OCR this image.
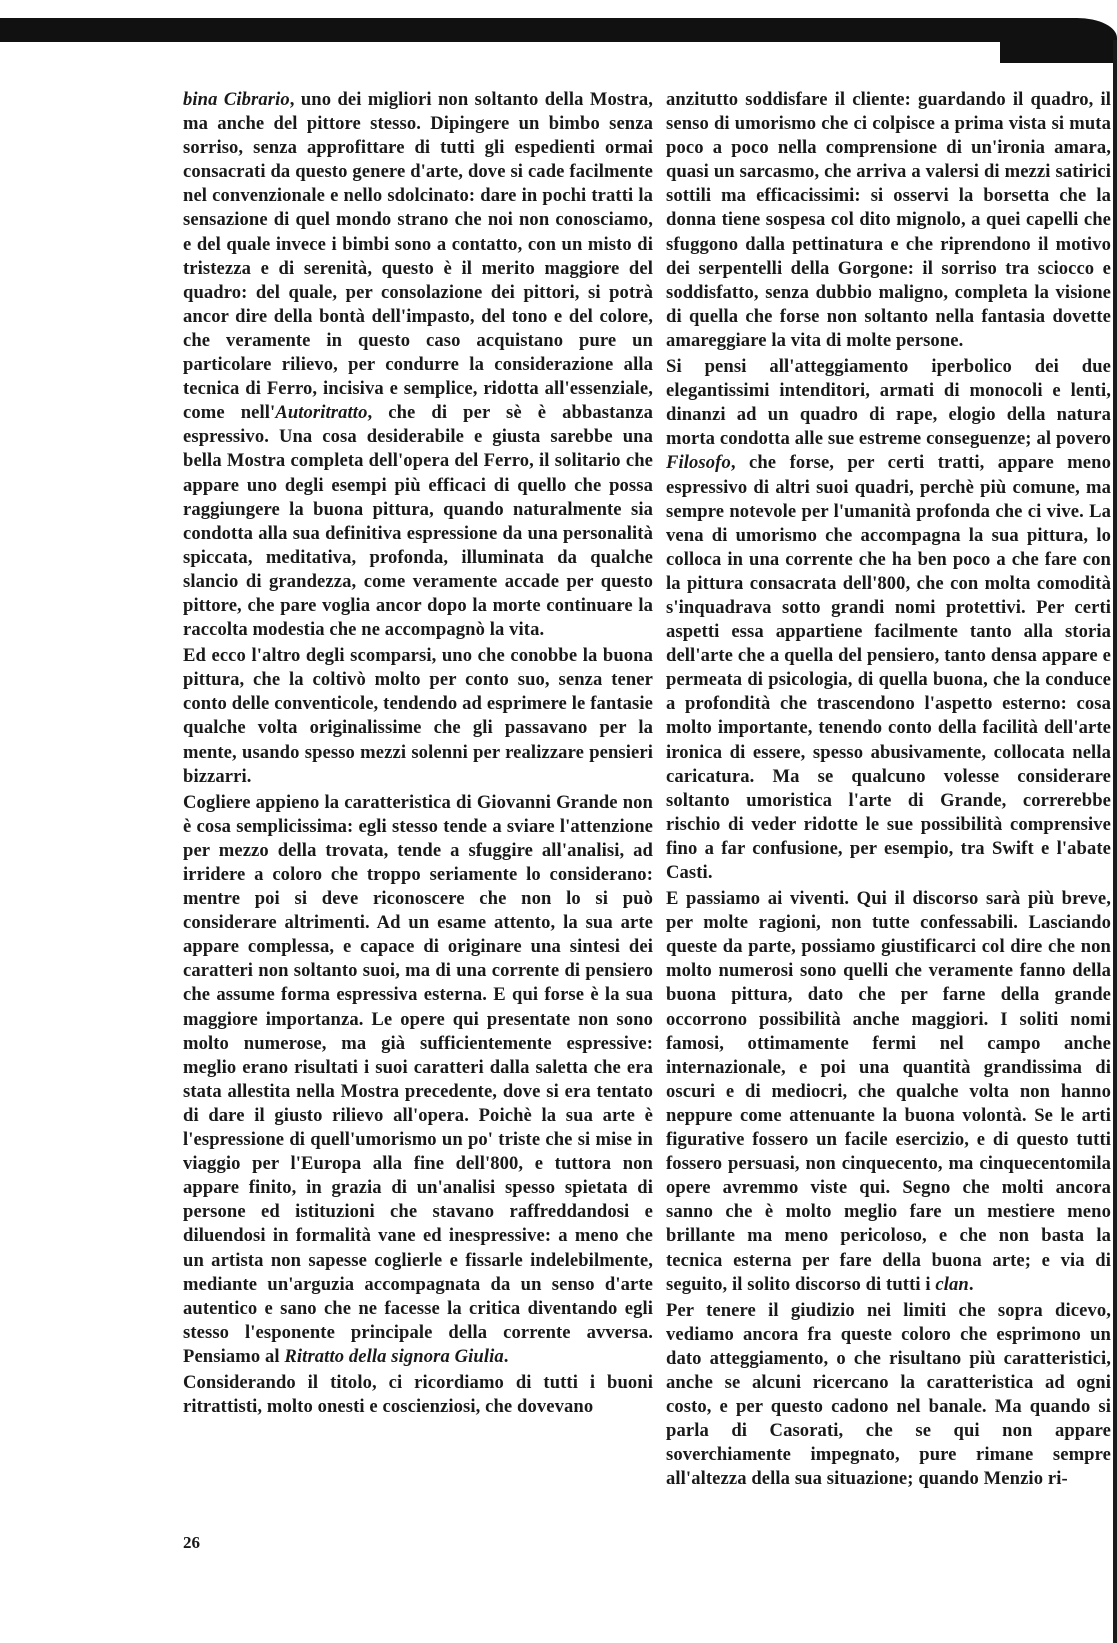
bina Cibrario, uno dei migliori non soltanto della Mostra, ma anche del pittore stesso. Dipingere un bimbo senza sorriso, senza approfittare di tutti gli espedienti ormai consacrati da questo genere d'arte, dove si cade facilmente nel convenzionale e nello sdolcinato: dare in pochi tratti la sensazione di quel mondo strano che noi non conosciamo, e del quale invece i bimbi sono a contatto, con un misto di tristezza e di serenità, questo è il merito maggiore del quadro: del quale, per consolazione dei pittori, si potrà ancor dire della bontà dell'impasto, del tono e del colore, che veramente in questo caso acquistano pure un particolare rilievo, per condurre la considerazione alla tecnica di Ferro, incisiva e semplice, ridotta all'essenziale, come nell'Autoritratto, che di per sè è abbastanza espressivo. Una cosa desiderabile e giusta sarebbe una bella Mostra completa dell'opera del Ferro, il solitario che appare uno degli esempi più efficaci di quello che possa raggiungere la buona pittura, quando naturalmente sia condotta alla sua definitiva espressione da una personalità spiccata, meditativa, profonda, illuminata da qualche slancio di grandezza, come veramente accade per questo pittore, che pare voglia ancor dopo la morte continuare la raccolta modestia che ne accompagnò la vita.

Ed ecco l'altro degli scomparsi, uno che conobbe la buona pittura, che la coltivò molto per conto suo, senza tener conto delle conventicole, tendendo ad esprimere le fantasie qualche volta originalissime che gli passavano per la mente, usando spesso mezzi solenni per realizzare pensieri bizzarri.

Cogliere appieno la caratteristica di Giovanni Grande non è cosa semplicissima: egli stesso tende a sviare l'attenzione per mezzo della trovata, tende a sfuggire all'analisi, ad irridere a coloro che troppo seriamente lo considerano: mentre poi si deve riconoscere che non lo si può considerare altrimenti. Ad un esame attento, la sua arte appare complessa, e capace di originare una sintesi dei caratteri non soltanto suoi, ma di una corrente di pensiero che assume forma espressiva esterna. E qui forse è la sua maggiore importanza. Le opere qui presentate non sono molto numerose, ma già sufficientemente espressive: meglio erano risultati i suoi caratteri dalla saletta che era stata allestita nella Mostra precedente, dove si era tentato di dare il giusto rilievo all'opera. Poichè la sua arte è l'espressione di quell'umorismo un po' triste che si mise in viaggio per l'Europa alla fine dell'800, e tuttora non appare finito, in grazia di un'analisi spesso spietata di persone ed istituzioni che stavano raffreddandosi e diluendosi in formalità vane ed inespressive: a meno che un artista non sapesse coglierle e fissarle indelebilmente, mediante un'arguzia accompagnata da un senso d'arte autentico e sano che ne facesse la critica diventando egli stesso l'esponente principale della corrente avversa. Pensiamo al Ritratto della signora Giulia.

Considerando il titolo, ci ricordiamo di tutti i buoni ritrattisti, molto onesti e coscienziosi, che dovevano

anzitutto soddisfare il cliente: guardando il quadro, il senso di umorismo che ci colpisce a prima vista si muta poco a poco nella comprensione di un'ironia amara, quasi un sarcasmo, che arriva a valersi di mezzi satirici sottili ma efficacissimi: si osservi la borsetta che la donna tiene sospesa col dito mignolo, a quei capelli che sfuggono dalla pettinatura e che riprendono il motivo dei serpentelli della Gorgone: il sorriso tra sciocco e soddisfatto, senza dubbio maligno, completa la visione di quella che forse non soltanto nella fantasia dovette amareggiare la vita di molte persone.

Si pensi all'atteggiamento iperbolico dei due elegantissimi intenditori, armati di monocoli e lenti, dinanzi ad un quadro di rape, elogio della natura morta condotta alle sue estreme conseguenze; al povero Filosofo, che forse, per certi tratti, appare meno espressivo di altri suoi quadri, perchè più comune, ma sempre notevole per l'umanità profonda che ci vive. La vena di umorismo che accompagna la sua pittura, lo colloca in una corrente che ha ben poco a che fare con la pittura consacrata dell'800, che con molta comodità s'inquadrava sotto grandi nomi protettivi. Per certi aspetti essa appartiene facilmente tanto alla storia dell'arte che a quella del pensiero, tanto densa appare e permeata di psicologia, di quella buona, che la conduce a profondità che trascendono l'aspetto esterno: cosa molto importante, tenendo conto della facilità dell'arte ironica di essere, spesso abusivamente, collocata nella caricatura. Ma se qualcuno volesse considerare soltanto umoristica l'arte di Grande, correrebbe rischio di veder ridotte le sue possibilità comprensive fino a far confusione, per esempio, tra Swift e l'abate Casti.

E passiamo ai viventi. Qui il discorso sarà più breve, per molte ragioni, non tutte confessabili. Lasciando queste da parte, possiamo giustificarci col dire che non molto numerosi sono quelli che veramente fanno della buona pittura, dato che per farne della grande occorrono possibilità anche maggiori. I soliti nomi famosi, ottimamente fermi nel campo anche internazionale, e poi una quantità grandissima di oscuri e di mediocri, che qualche volta non hanno neppure come attenuante la buona volontà. Se le arti figurative fossero un facile esercizio, e di questo tutti fossero persuasi, non cinquecento, ma cinquecentomila opere avremmo viste qui. Segno che molti ancora sanno che è molto meglio fare un mestiere meno brillante ma meno pericoloso, e che non basta la tecnica esterna per fare della buona arte; e via di seguito, il solito discorso di tutti i clan.

Per tenere il giudizio nei limiti che sopra dicevo, vediamo ancora fra queste coloro che esprimono un dato atteggiamento, o che risultano più caratteristici, anche se alcuni ricercano la caratteristica ad ogni costo, e per questo cadono nel banale. Ma quando si parla di Casorati, che se qui non appare soverchiamente impegnato, pure rimane sempre all'altezza della sua situazione; quando Menzio ri-

26
